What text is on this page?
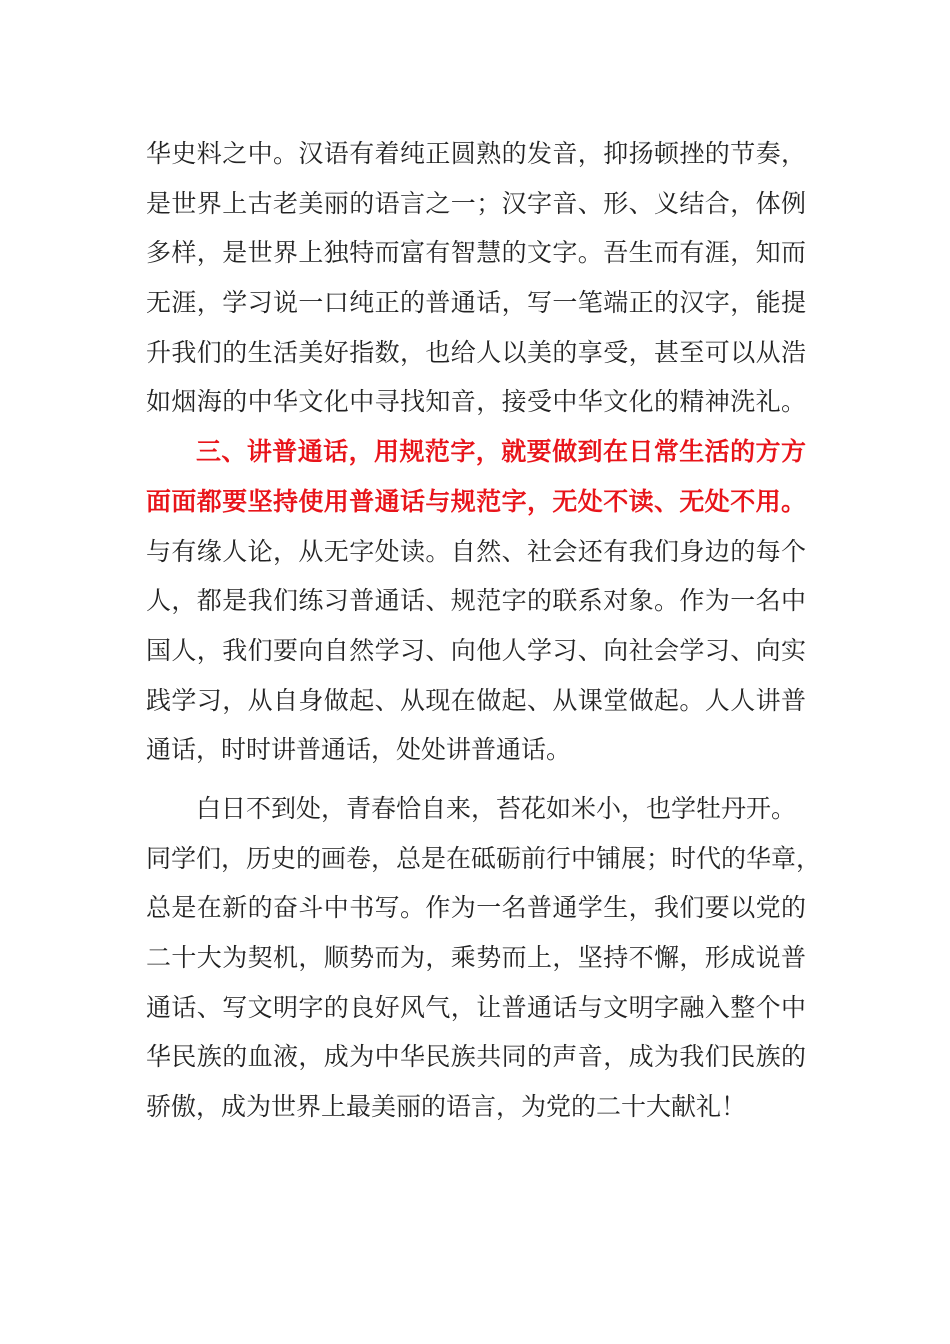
华史料之中。汉语有着纯正圆熟的发音，抑扬顿挫的节奏，
是世界上古老美丽的语言之一；汉字音、形、义结合，体例
多样，是世界上独特而富有智慧的文字。吾生而有涯，知而
无涯，学习说一口纯正的普通话，写一笔端正的汉字，能提
升我们的生活美好指数，也给人以美的享受，甚至可以从浩
如烟海的中华文化中寻找知音，接受中华文化的精神洗礼。
三、讲普通话，用规范字，就要做到在日常生活的方方
面面都要坚持使用普通话与规范字，无处不读、无处不用。
与有缘人论，从无字处读。自然、社会还有我们身边的每个
人，都是我们练习普通话、规范字的联系对象。作为一名中
国人，我们要向自然学习、向他人学习、向社会学习、向实
践学习，从自身做起、从现在做起、从课堂做起。人人讲普
通话，时时讲普通话，处处讲普通话。
白日不到处，青春恰自来，苔花如米小，也学牡丹开。
同学们，历史的画卷，总是在砥砺前行中铺展；时代的华章，
总是在新的奋斗中书写。作为一名普通学生，我们要以党的
二十大为契机，顺势而为，乘势而上，坚持不懈，形成说普
通话、写文明字的良好风气，让普通话与文明字融入整个中
华民族的血液，成为中华民族共同的声音，成为我们民族的
骄傲，成为世界上最美丽的语言，为党的二十大献礼！
